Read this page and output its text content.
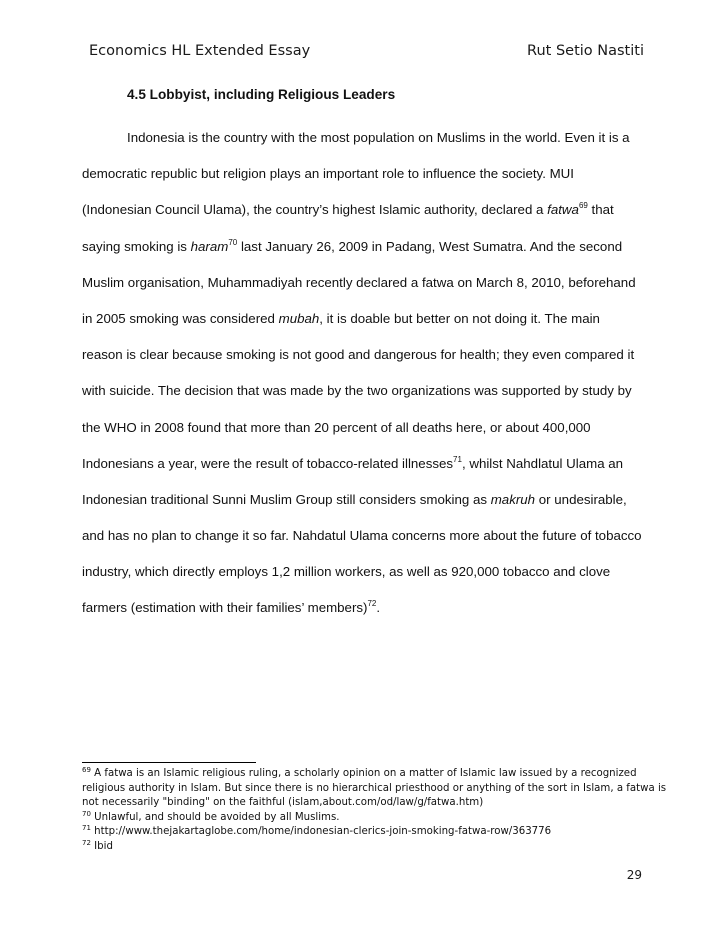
Economics HL Extended Essay	Rut Setio Nastiti
4.5 Lobbyist, including Religious Leaders
Indonesia is the country with the most population on Muslims in the world. Even it is a
democratic republic but religion plays an important role to influence the society. MUI
(Indonesian Council Ulama), the country’s highest Islamic authority, declared a fatwa$^{69}$ that
saying smoking is haram$^{70}$ last January 26, 2009 in Padang, West Sumatra. And the second
Muslim organisation, Muhammadiyah recently declared a fatwa on March 8, 2010, beforehand
in 2005 smoking was considered mubah, it is doable but better on not doing it. The main
reason is clear because smoking is not good and dangerous for health; they even compared it
with suicide. The decision that was made by the two organizations was supported by study by
the WHO in 2008 found that more than 20 percent of all deaths here, or about 400,000
Indonesians a year, were the result of tobacco-related illnesses$^{71}$, whilst Nahdlatul Ulama an
Indonesian traditional Sunni Muslim Group still considers smoking as makruh or undesirable,
and has no plan to change it so far. Nahdatul Ulama concerns more about the future of tobacco
industry, which directly employs 1,2 million workers, as well as 920,000 tobacco and clove
farmers (estimation with their families’ members)$^{72}$.
$^{69}$ A fatwa is an Islamic religious ruling, a scholarly opinion on a matter of Islamic law issued by a recognized
religious authority in Islam. But since there is no hierarchical priesthood or anything of the sort in Islam, a fatwa is
not necessarily "binding" on the faithful (islam,about.com/od/law/g/fatwa.htm)
$^{70}$ Unlawful, and should be avoided by all Muslims.
$^{71}$ http://www.thejakartaglobe.com/home/indonesian-clerics-join-smoking-fatwa-row/363776
$^{72}$ Ibid
29
